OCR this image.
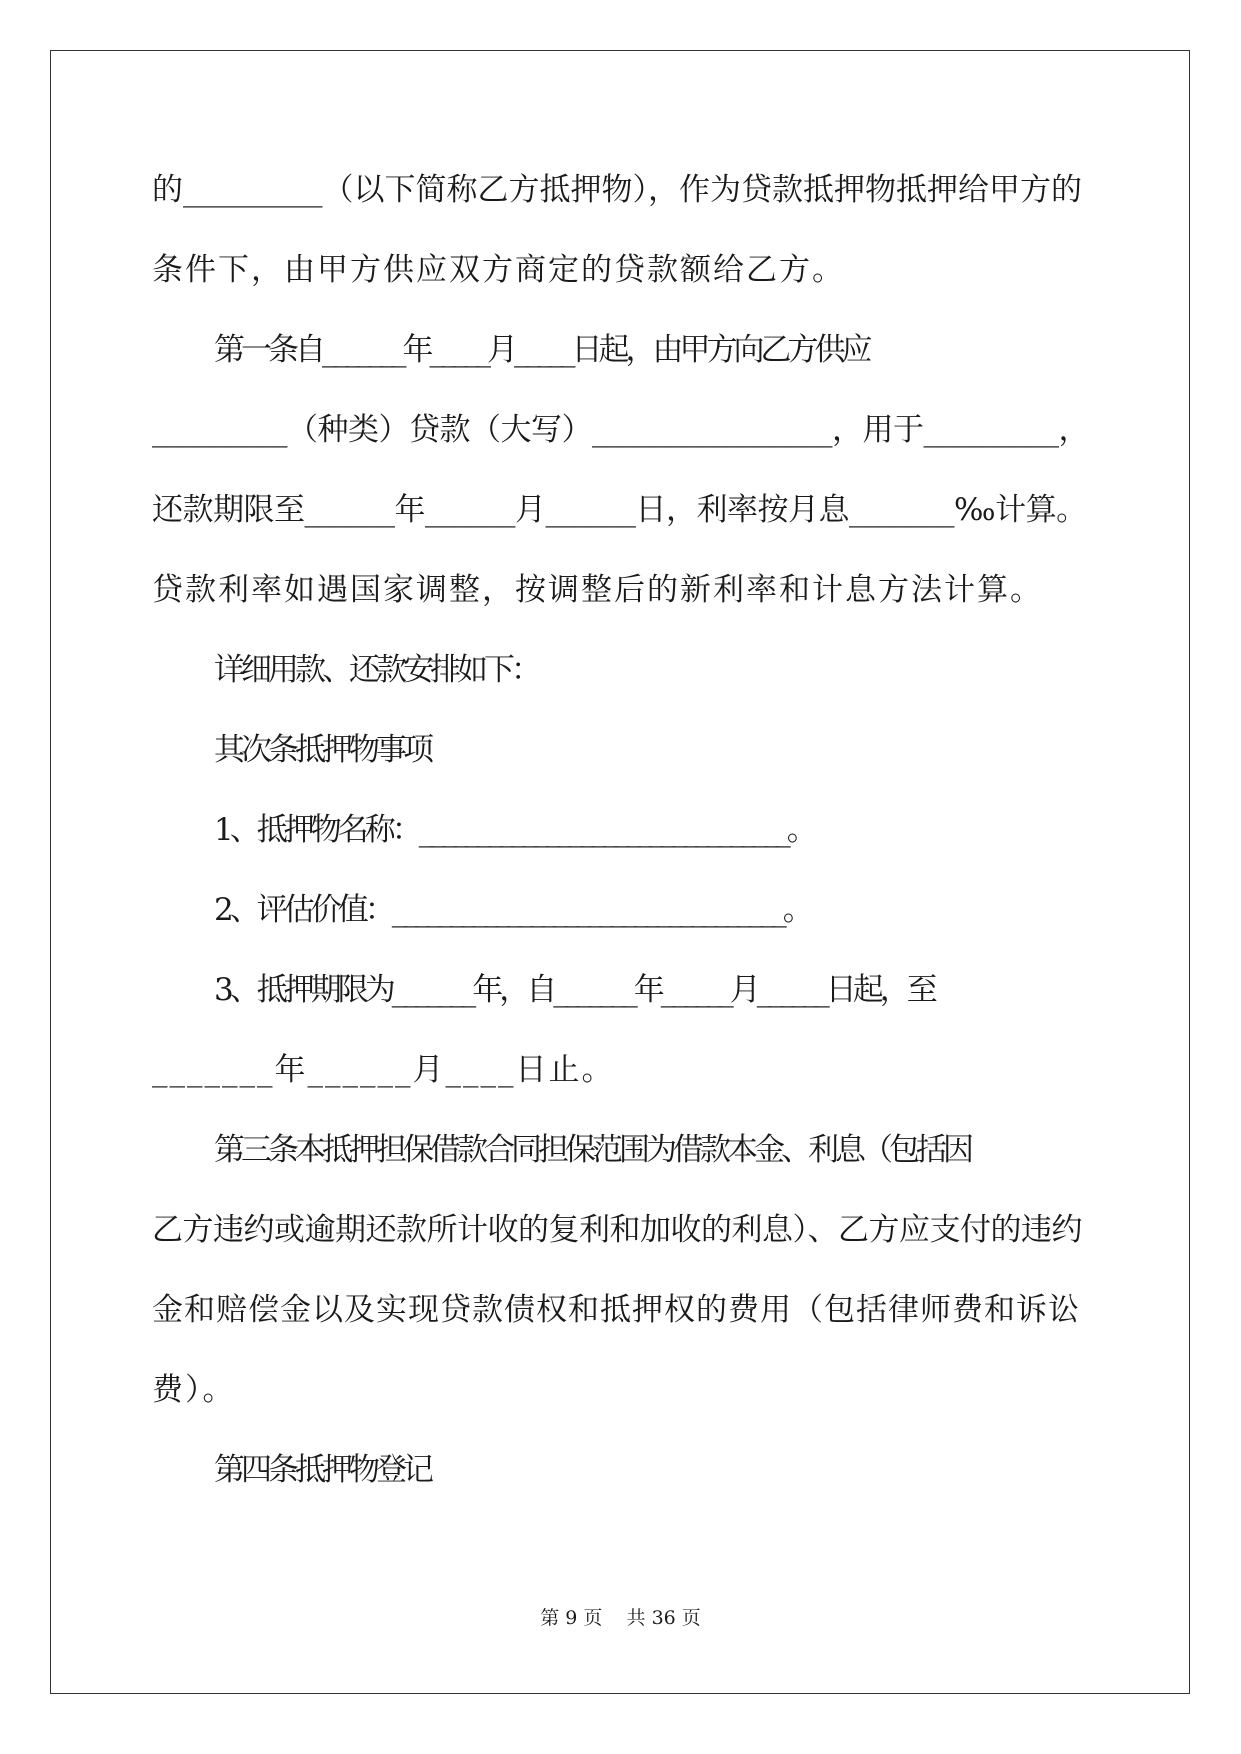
的_________（以下简称乙方抵押物），作为贷款抵押物抵押给甲方的
条件下，由甲方供应双方商定的贷款额给乙方。
第一条自_______年_____月_____日起，由甲方向乙方供应
_________（种类）贷款（大写）________________，用于_________，
还款期限至______年______月______日，利率按月息_______‰计算。
贷款利率如遇国家调整，按调整后的新利率和计息方法计算。
详细用款、还款安排如下：
其次条抵押物事项
1、抵押物名称：________________________________。
2、评估价值：__________________________________。
3、抵押期限为_______年，自_______年______月______日起，至
_______年______月____日止。
第三条本抵押担保借款合同担保范围为借款本金、利息（包括因
乙方违约或逾期还款所计收的复利和加收的利息）、乙方应支付的违约
金和赔偿金以及实现贷款债权和抵押权的费用（包括律师费和诉讼
费）。
第四条抵押物登记
第 9 页    共 36 页
